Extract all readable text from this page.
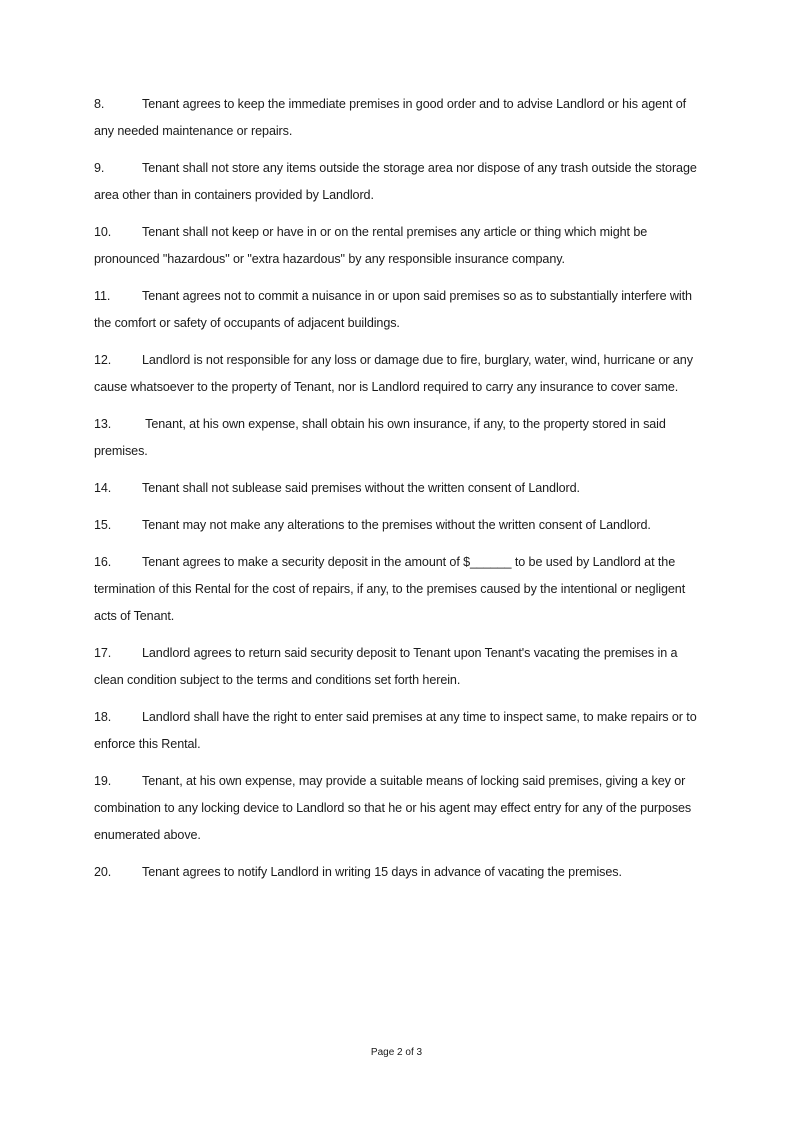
8.	Tenant agrees to keep the immediate premises in good order and to advise Landlord or his agent of any needed maintenance or repairs.
9.	Tenant shall not store any items outside the storage area nor dispose of any trash outside the storage area other than in containers provided by Landlord.
10. Tenant shall not keep or have in or on the rental premises any article or thing which might be pronounced "hazardous" or "extra hazardous" by any responsible insurance company.
11.	Tenant agrees not to commit a nuisance in or upon said premises so as to substantially interfere with the comfort or safety of occupants of adjacent buildings.
12. Landlord is not responsible for any loss or damage due to fire, burglary, water, wind, hurricane or any cause whatsoever to the property of Tenant, nor is Landlord required to carry any insurance to cover same.
13. Tenant, at his own expense, shall obtain his own insurance, if any, to the property stored in said premises.
14. Tenant shall not sublease said premises without the written consent of Landlord.
15. Tenant may not make any alterations to the premises without the written consent of Landlord.
16. Tenant agrees to make a security deposit in the amount of $______ to be used by Landlord at the termination of this Rental for the cost of repairs, if any, to the premises caused by the intentional or negligent acts of Tenant.
17. Landlord agrees to return said security deposit to Tenant upon Tenant's vacating the premises in a clean condition subject to the terms and conditions set forth herein.
18. Landlord shall have the right to enter said premises at any time to inspect same, to make repairs or to enforce this Rental.
19. Tenant, at his own expense, may provide a suitable means of locking said premises, giving a key or combination to any locking device to Landlord so that he or his agent may effect entry for any of the purposes enumerated above.
20. Tenant agrees to notify Landlord in writing 15 days in advance of vacating the premises.
Page 2 of 3
